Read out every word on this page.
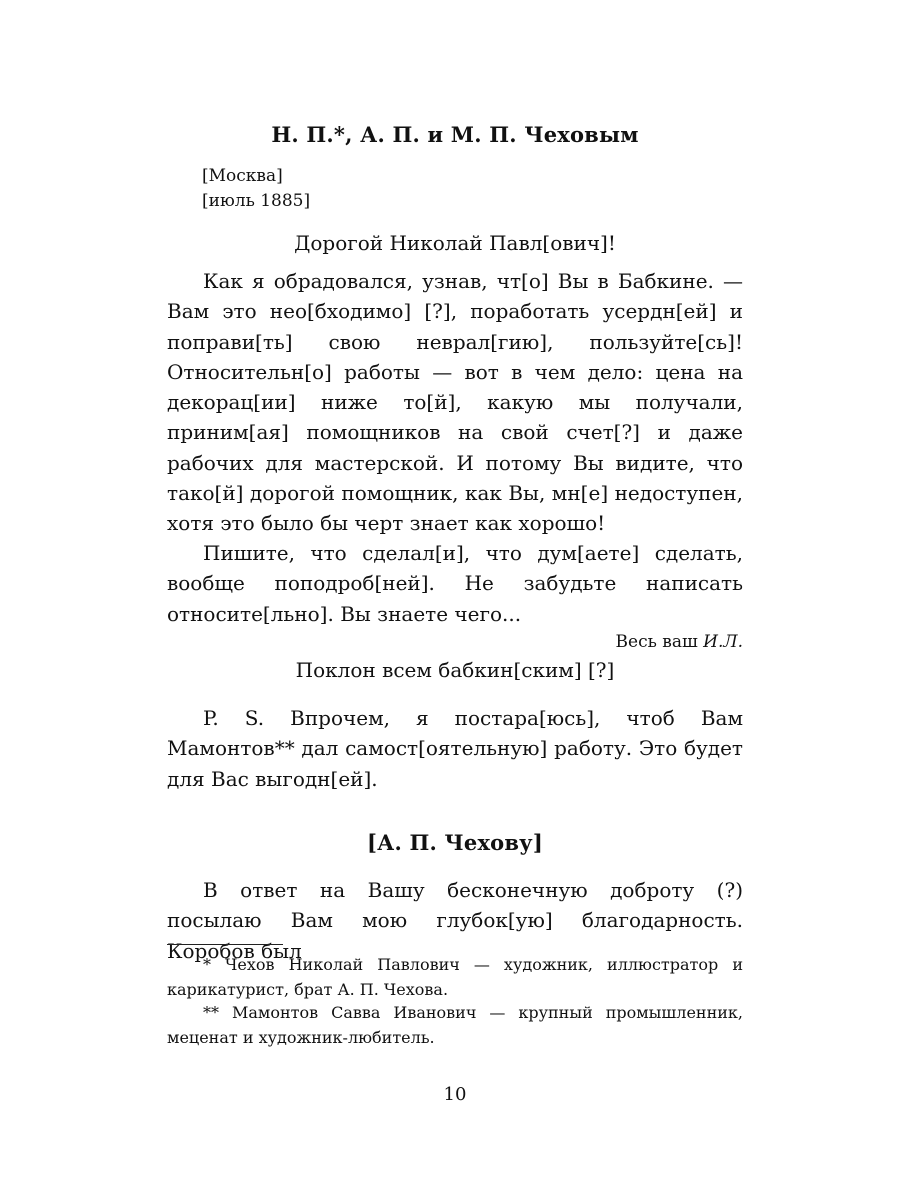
Н. П.*, А. П. и М. П. Чеховым
[Москва]
[июль 1885]
Дорогой Николай Павл[ович]!

Как я обрадовался, узнав, чт[о] Вы в Бабкине. — Вам это нео[бходимо] [?], поработать усердн[ей] и поправи[ть] свою неврал[гию], пользуйте[сь]! Относительн[о] работы — вот в чем дело: цена на декорац[ии] ниже то[й], какую мы получали, приним[ая] помощников на свой счет[?] и даже рабочих для мастерской. И потому Вы видите, что тако[й] дорогой помощник, как Вы, мн[е] недоступен, хотя это было бы черт знает как хорошо!

Пишите, что сделал[и], что дум[аете] сделать, вообще поподроб[ней]. Не забудьте написать относите[льно]. Вы знаете чего...

Весь ваш И.Л.
Поклон всем бабкин[ским] [?]

P. S. Впрочем, я постара[юсь], чтоб Вам Мамонтов** дал самост[оятельную] работу. Это будет для Вас выгодн[ей].

[А. П. Чехову]

В ответ на Вашу бесконечную доброту (?) посылаю Вам мою глубок[ую] благодарность. Коробов был

* Чехов Николай Павлович — художник, иллюстратор и карикатурист, брат А. П. Чехова.

** Мамонтов Савва Иванович — крупный промышленник, меценат и художник-любитель.

10
